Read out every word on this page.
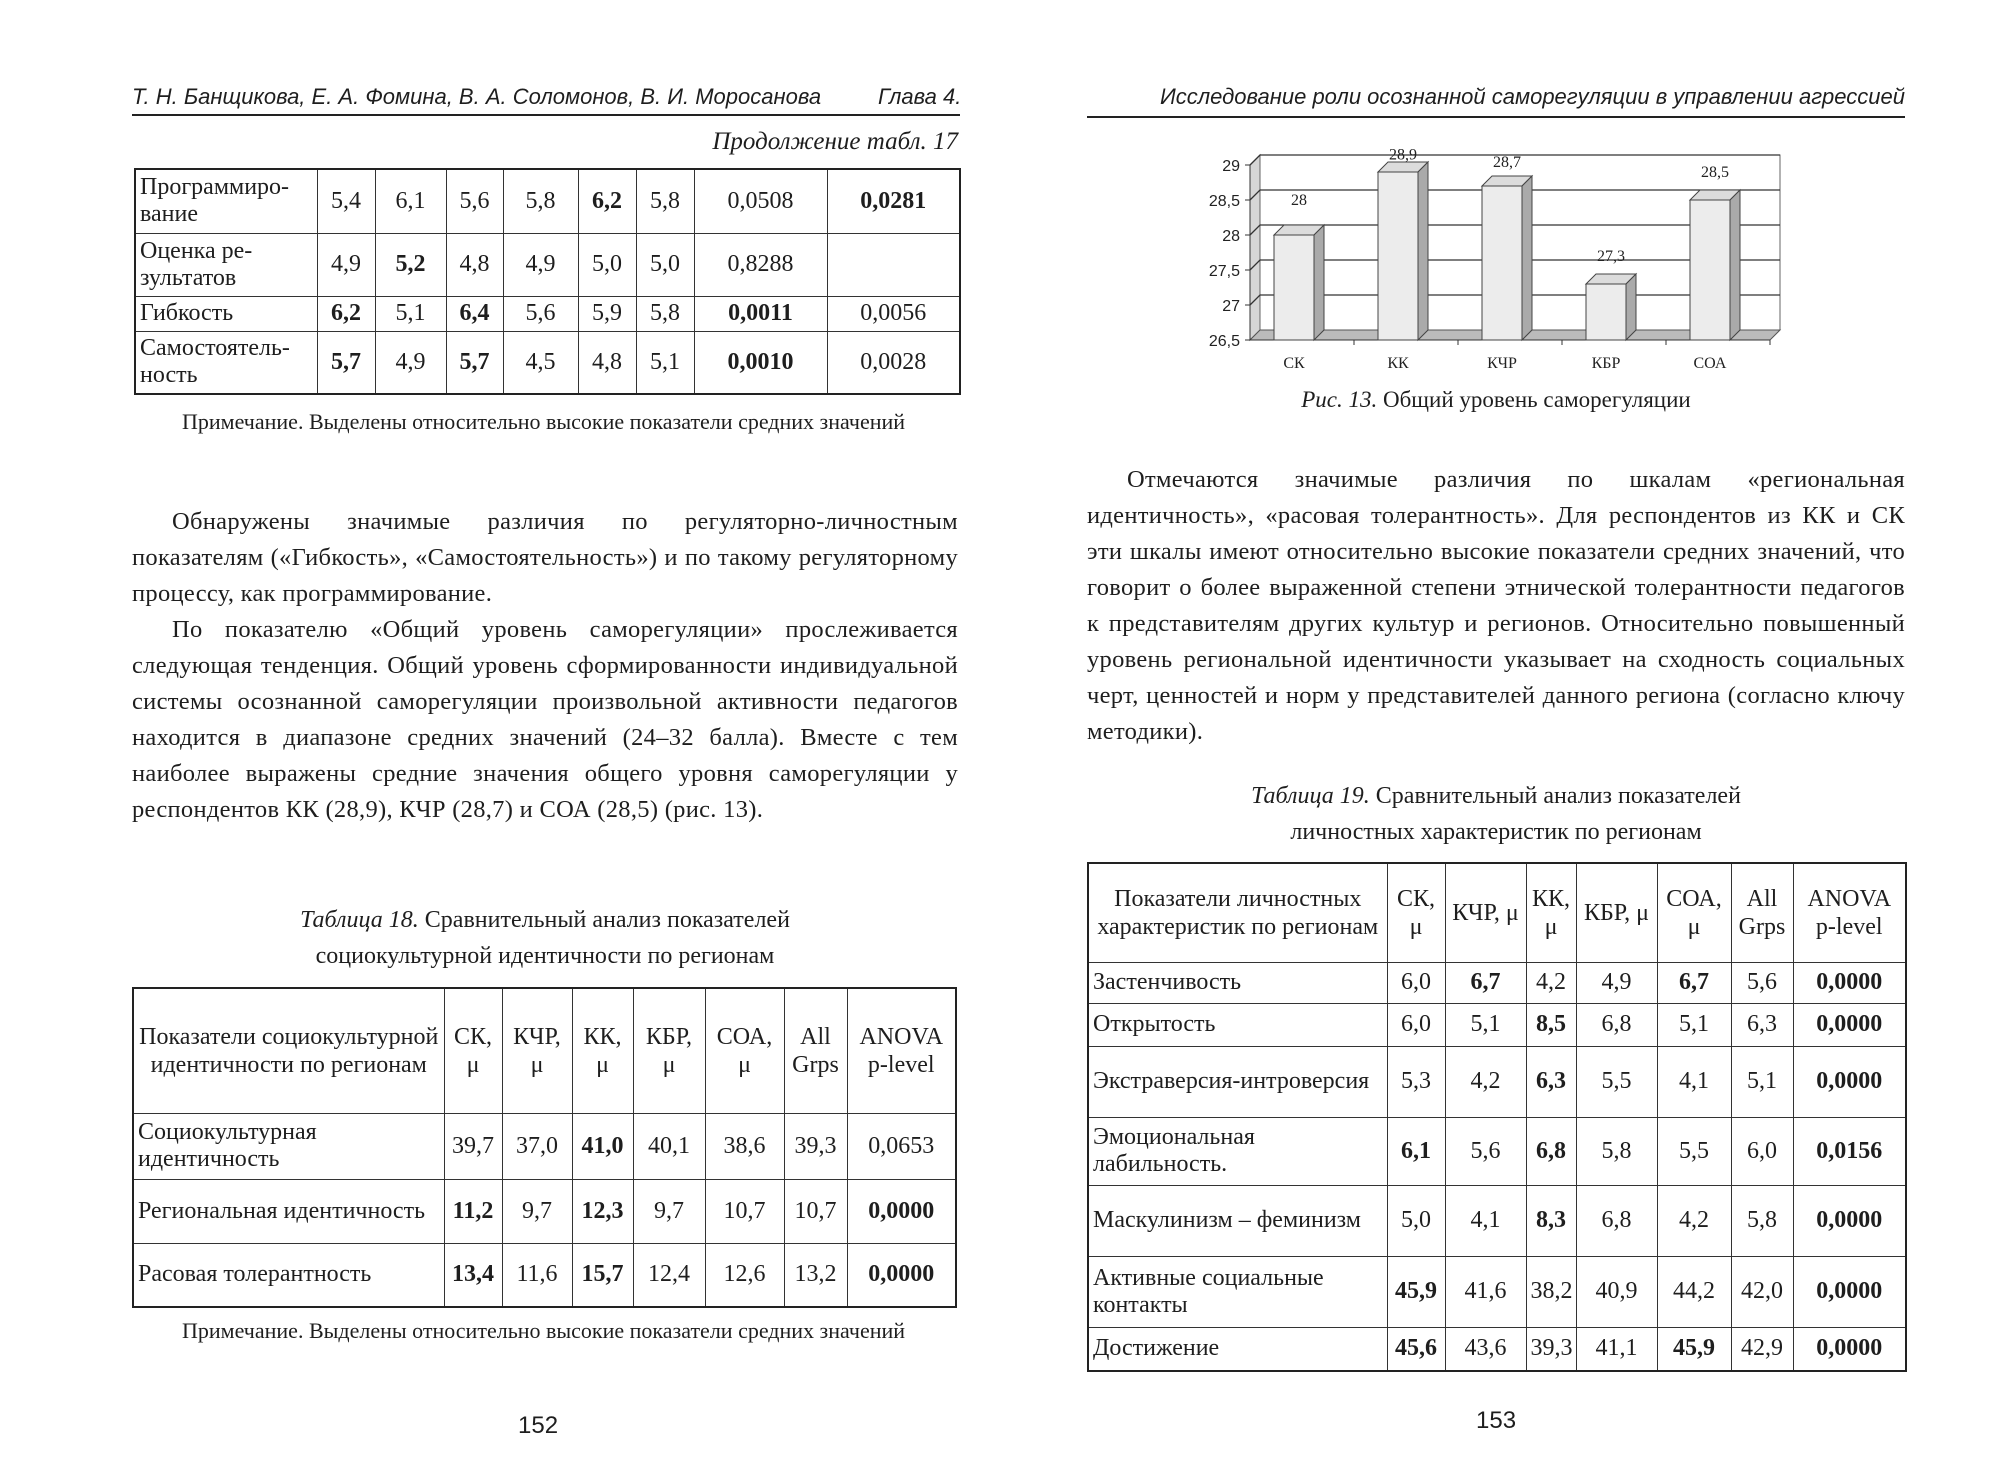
Т. Н. Банщикова, Е. А. Фомина, В. А. Соломонов, В. И. Моросанова	Глава 4.
Продолжение табл. 17
Программиро-вание	5,4	6,1	5,6	5,8	6,2	5,8	0,0508	0,0281
Оценка ре-зультатов	4,9	5,2	4,8	4,9	5,0	5,0	0,8288	
Гибкость	6,2	5,1	6,4	5,6	5,9	5,8	0,0011	0,0056
Самостоятель-ность	5,7	4,9	5,7	4,5	4,8	5,1	0,0010	0,0028
Примечание. Выделены относительно высокие показатели средних значений

Обнаружены значимые различия по регуляторно-личностным показателям («Гибкость», «Самостоятельность») и по такому регуляторному процессу, как программирование.

По показателю «Общий уровень саморегуляции» прослеживается следующая тенденция. Общий уровень сформированности индивидуальной системы осознанной саморегуляции произвольной активности педагогов находится в диапазоне средних значений (24–32 балла). Вместе с тем наиболее выражены средние значения общего уровня саморегуляции у респондентов КК (28,9), КЧР (28,7) и СОА (28,5) (рис. 13).

Таблица 18. Сравнительный анализ показателей
социокультурной идентичности по регионам
Показатели социокультурной идентичности по регионам	СК, μ	КЧР, μ	КК, μ	КБР, μ	СОА, μ	All Grps	ANOVA p-level
Социокультурная идентичность	39,7	37,0	41,0	40,1	38,6	39,3	0,0653
Региональная идентичность	11,2	9,7	12,3	9,7	10,7	10,7	0,0000
Расовая толерантность	13,4	11,6	15,7	12,4	12,6	13,2	0,0000
Примечание. Выделены относительно высокие показатели средних значений
152
Исследование роли осознанной саморегуляции в управлении агрессией
26,5
27
27,5
28
28,5
29
28
СК
28,9
КК
28,7
КЧР
27,3
КБР
28,5
СОА
Рис. 13. Общий уровень саморегуляции

Отмечаются значимые различия по шкалам «региональная идентичность», «расовая толерантность». Для респондентов из КК и СК эти шкалы имеют относительно высокие показатели средних значений, что говорит о более выраженной степени этнической толерантности педагогов к представителям других культур и регионов. Относительно повышенный уровень региональной идентичности указывает на сходность социальных черт, ценностей и норм у представителей данного региона (согласно ключу методики).

Таблица 19. Сравнительный анализ показателей
личностных характеристик по регионам
Показатели личностных характеристик по регионам	СК, μ	КЧР, μ	КК, μ	КБР, μ	СОА, μ	All Grps	ANOVA p-level
Застенчивость	6,0	6,7	4,2	4,9	6,7	5,6	0,0000
Открытость	6,0	5,1	8,5	6,8	5,1	6,3	0,0000
Экстраверсия-интроверсия	5,3	4,2	6,3	5,5	4,1	5,1	0,0000
Эмоциональная лабильность.	6,1	5,6	6,8	5,8	5,5	6,0	0,0156
Маскулинизм – феминизм	5,0	4,1	8,3	6,8	4,2	5,8	0,0000
Активные социальные контакты	45,9	41,6	38,2	40,9	44,2	42,0	0,0000
Достижение	45,6	43,6	39,3	41,1	45,9	42,9	0,0000
153
